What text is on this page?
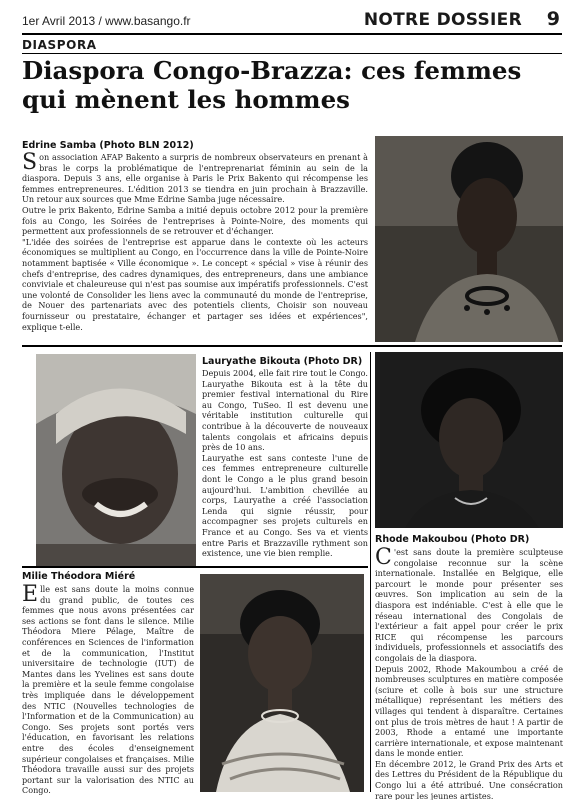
1er Avril 2013 / www.basango.fr	NOTRE DOSSIER 9
DIASPORA
Diaspora Congo-Brazza: ces femmes qui mènent les hommes
Edrine Samba (Photo BLN 2012)

Son association AFAP Bakento a surpris de nombreux observateurs en prenant à bras le corps la problématique de l'entreprenariat féminin au sein de la diaspora. Depuis 3 ans, elle organise à Paris le Prix Bakento qui récompense les femmes entrepreneures. L'édition 2013 se tiendra en juin prochain à Brazzaville. Un retour aux sources que Mme Edrine Samba juge nécessaire.

Outre le prix Bakento, Edrine Samba a initié depuis octobre 2012 pour la première fois au Congo, les Soirées de l'entreprises à Pointe-Noire, des moments qui permettent aux professionnels de se retrouver et d'échanger.

"L'idée des soirées de l'entreprise est apparue dans le contexte où les acteurs économiques se multiplient au Congo, en l'occurrence dans la ville de Pointe-Noire notamment baptisée « Ville économique ». Le concept « spécial » vise à réunir des chefs d'entreprise, des cadres dynamiques, des entrepreneurs, dans une ambiance conviviale et chaleureuse qui n'est pas soumise aux impératifs professionnels. C'est une volonté de Consolider les liens avec la communauté du monde de l'entreprise, de Nouer des partenariats avec des potentiels clients, Choisir son nouveau fournisseur ou prestataire, échanger et partager ses idées et expériences", explique t-elle.

Lauryathe Bikouta (Photo DR)

Depuis 2004, elle fait rire tout le Congo. Lauryathe Bikouta est à la tête du premier festival international du Rire au Congo, TuSeo. Il est devenu une véritable institution culturelle qui contribue à la découverte de nouveaux talents congolais et africains depuis près de 10 ans.

Lauryathe est sans conteste l'une de ces femmes entrepreneure culturelle dont le Congo a le plus grand besoin aujourd'hui. L'ambition chevillée au corps, Lauryathe a créé l'association Lenda qui signie réussir, pour accompagner ses projets culturels en France et au Congo. Ses va et vients entre Paris et Brazzaville rythment son existence, une vie bien remplie.

Rhode Makoubou (Photo DR)

C 'est sans doute la première sculpteuse congolaise reconnue sur la scène internationale. Installée en Belgique, elle parcourt le monde pour présenter ses œuvres. Son implication au sein de la diaspora est indéniable. C'est à elle que le réseau international des Congolais de l'extérieur a fait appel pour créer le prix RICE qui récompense les parcours individuels, professionnels et associatifs des congolais de la diaspora.

Depuis 2002, Rhode Makoumbou a créé de nombreuses sculptures en matière composée (sciure et colle à bois sur une structure métallique) représentant les métiers des villages qui tendent à disparaître. Certaines ont plus de trois mètres de haut ! A partir de 2003, Rhode a entamé une importante carrière internationale, et expose maintenant dans le monde entier.

En décembre 2012, le Grand Prix des Arts et des Lettres du Président de la République du Congo lui a été attribué. Une consécration rare pour les jeunes artistes.

Milie Théodora Miéré

Elle est sans doute la moins connue du grand public, de toutes ces femmes que nous avons présentées car ses actions se font dans le silence. Milie Théodora Miere Pélage, Maître de conférences en Sciences de l'information et de la communication, l'Institut universitaire de technologie (IUT) de Mantes dans les Yvelines est sans doute la première et la seule femme congolaise très impliquée dans le développement des NTIC (Nouvelles technologies de l'Information et de la Communication) au Congo. Ses projets sont portés vers l'éducation, en favorisant les relations entre des écoles d'enseignement supérieur congolaises et françaises. Milie Théodora travaille aussi sur des projets portant sur la valorisation des NTIC au Congo.
